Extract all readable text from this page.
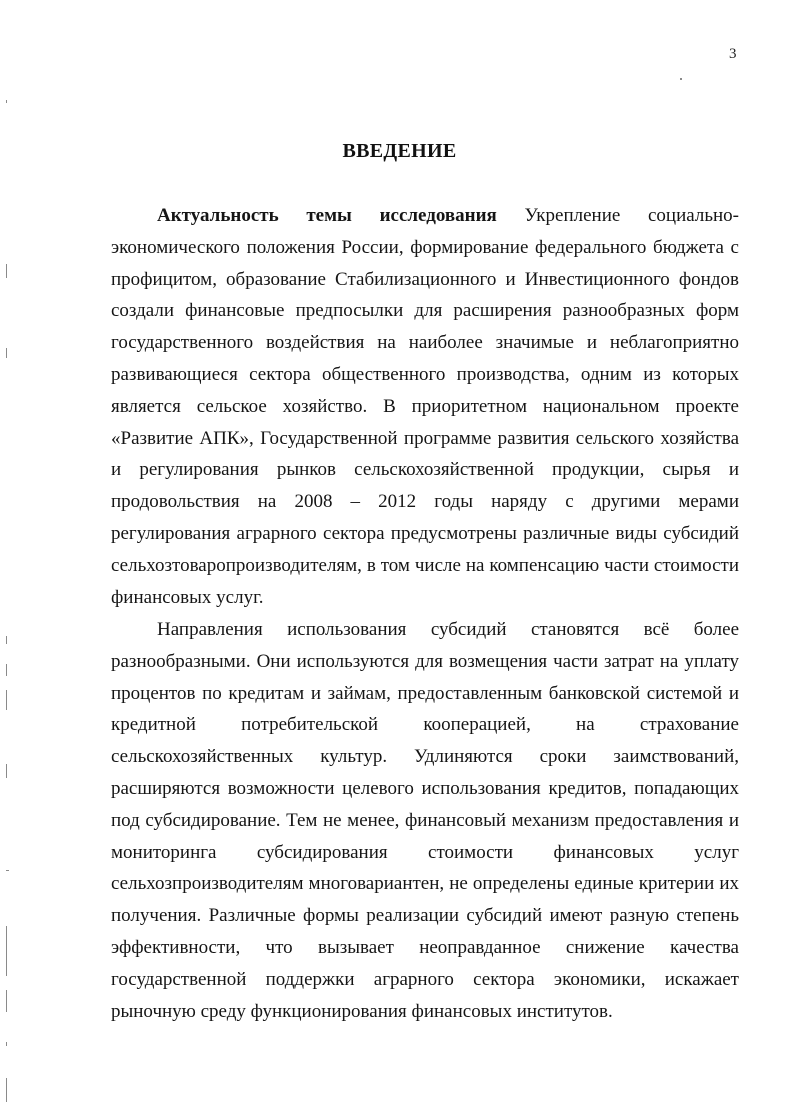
3
ВВЕДЕНИЕ
Актуальность темы исследования Укрепление социально-
экономического положения России, формирование федерального бюджета с
профицитом, образование Стабилизационного и Инвестиционного фондов
создали финансовые предпосылки для расширения разнообразных форм
государственного воздействия на наиболее значимые и неблагоприятно
развивающиеся сектора общественного производства, одним из которых
является сельское хозяйство. В приоритетном национальном проекте
«Развитие АПК», Государственной программе развития сельского хозяйства
и регулирования рынков сельскохозяйственной продукции, сырья и
продовольствия на 2008 – 2012 годы наряду с другими мерами
регулирования аграрного сектора предусмотрены различные виды субсидий
сельхозтоваропроизводителям, в том числе на компенсацию части стоимости
финансовых услуг.
Направления использования субсидий становятся всё более
разнообразными. Они используются для возмещения части затрат на уплату
процентов по кредитам и займам, предоставленным банковской системой и
кредитной потребительской кооперацией, на страхование
сельскохозяйственных культур. Удлиняются сроки заимствований,
расширяются возможности целевого использования кредитов, попадающих
под субсидирование. Тем не менее, финансовый механизм предоставления и
мониторинга субсидирования стоимости финансовых услуг
сельхозпроизводителям многовариантен, не определены единые критерии их
получения. Различные формы реализации субсидий имеют разную степень
эффективности, что вызывает неоправданное снижение качества
государственной поддержки аграрного сектора экономики, искажает
рыночную среду функционирования финансовых институтов.
